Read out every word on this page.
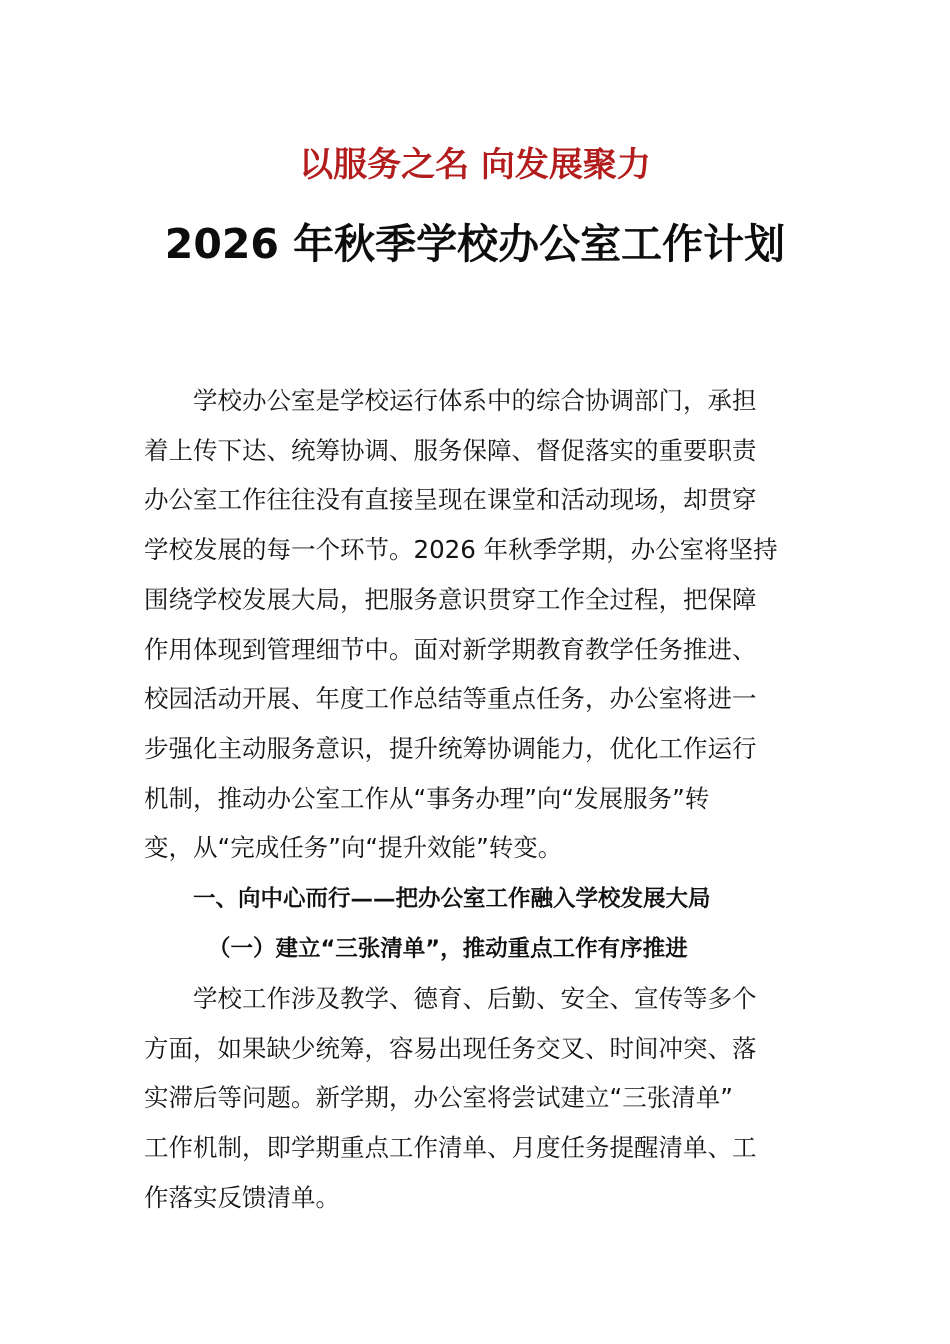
以服务之名 向发展聚力
2026 年秋季学校办公室工作计划
　　学校办公室是学校运行体系中的综合协调部门，承担
着上传下达、统筹协调、服务保障、督促落实的重要职责
办公室工作往往没有直接呈现在课堂和活动现场，却贯穿
学校发展的每一个环节。2026 年秋季学期，办公室将坚持
围绕学校发展大局，把服务意识贯穿工作全过程，把保障
作用体现到管理细节中。面对新学期教育教学任务推进、
校园活动开展、年度工作总结等重点任务，办公室将进一
步强化主动服务意识，提升统筹协调能力，优化工作运行
机制，推动办公室工作从“事务办理”向“发展服务”转
变，从“完成任务”向“提升效能”转变。
一、向中心而行——把办公室工作融入学校发展大局
（一）建立“三张清单”，推动重点工作有序推进
　　学校工作涉及教学、德育、后勤、安全、宣传等多个
方面，如果缺少统筹，容易出现任务交叉、时间冲突、落
实滞后等问题。新学期，办公室将尝试建立“三张清单”
工作机制，即学期重点工作清单、月度任务提醒清单、工
作落实反馈清单。
